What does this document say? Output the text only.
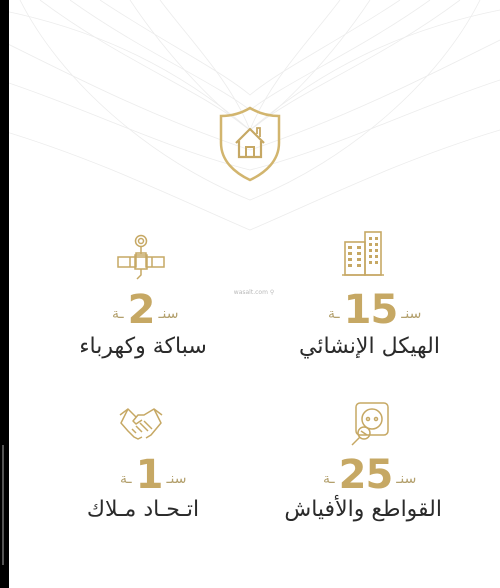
wasalt.com ⚲
ـة 15 سنـ
الهيكل الإنشائي
ـة 2 سنـ
سباكة وكهرباء
ـة 25 سنـ
القواطع والأفياش
ـة 1 سنـ
اتـحـاد مـلاك
